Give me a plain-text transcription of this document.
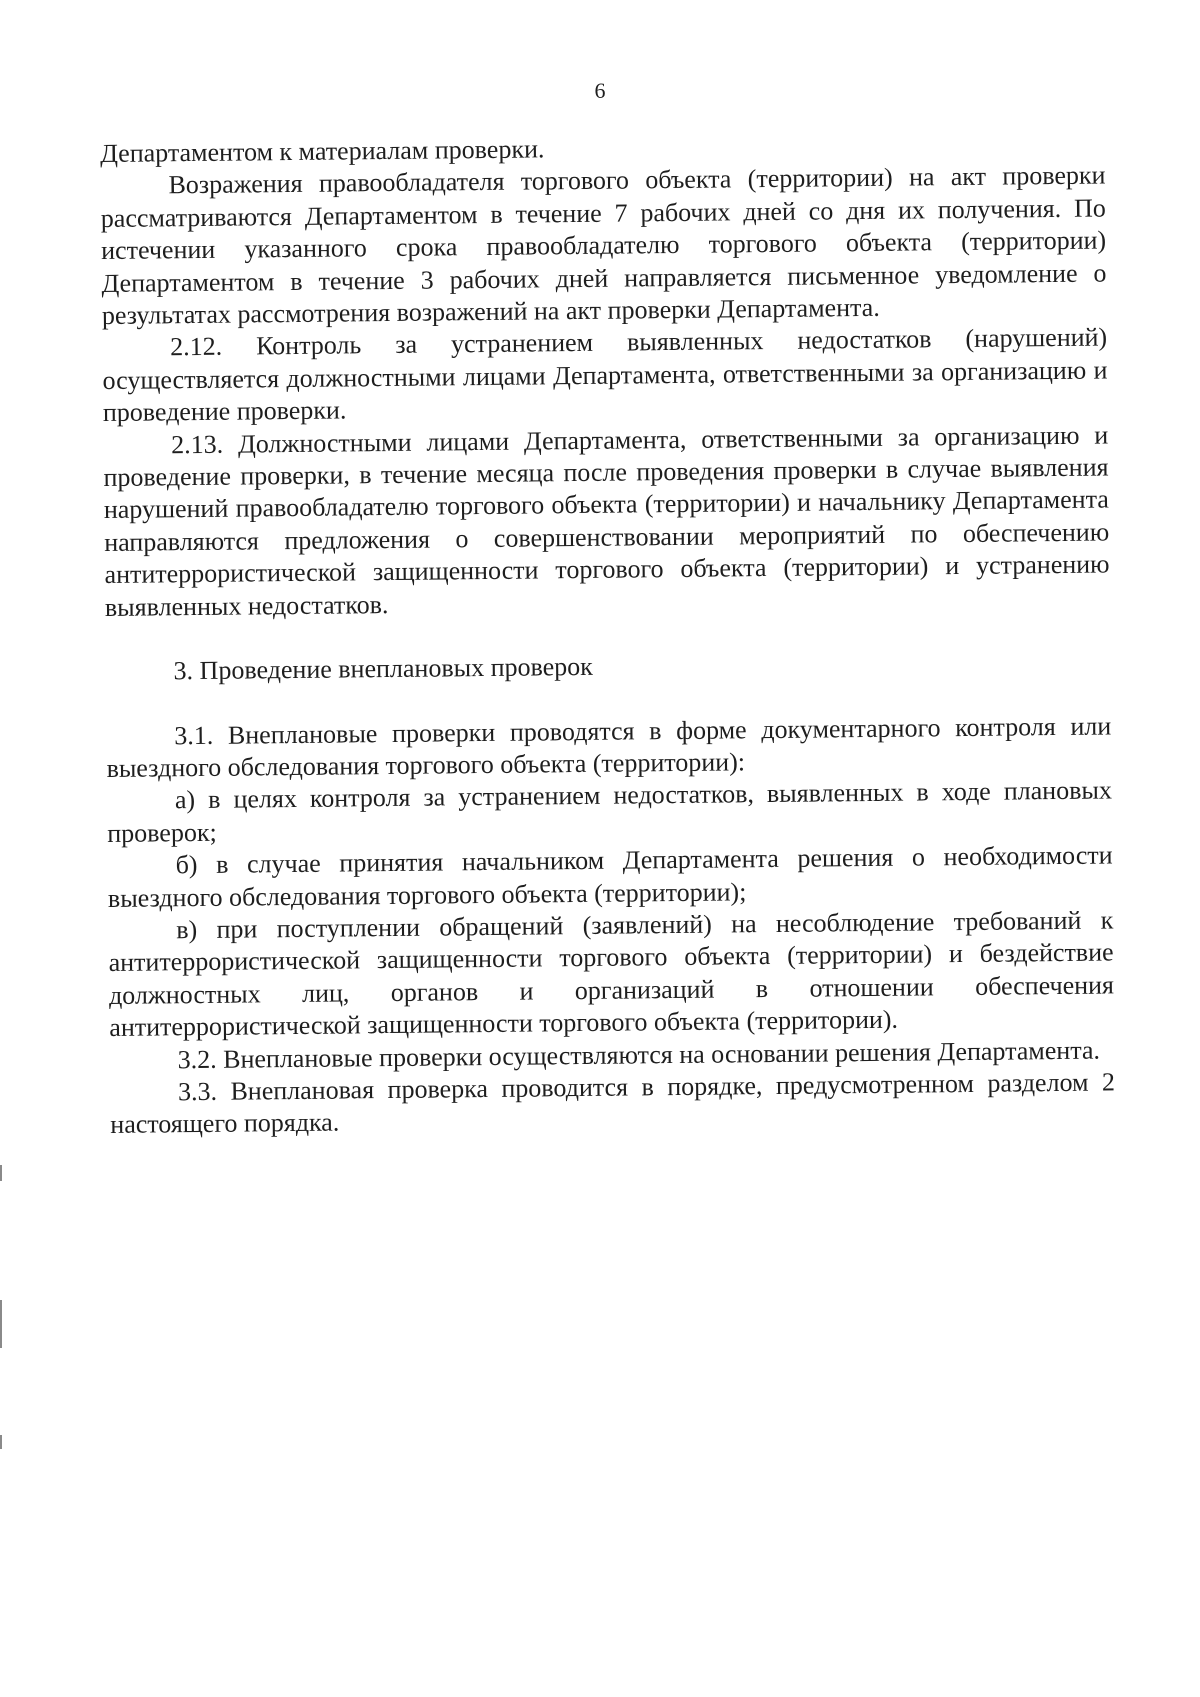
6

Департаментом к материалам проверки.

Возражения правообладателя торгового объекта (территории) на акт проверки рассматриваются Департаментом в течение 7 рабочих дней со дня их получения. По истечении указанного срока правообладателю торгового объекта (территории) Департаментом в течение 3 рабочих дней направляется письменное уведомление о результатах рассмотрения возражений на акт проверки Департамента.

2.12. Контроль за устранением выявленных недостатков (нарушений) осуществляется должностными лицами Департамента, ответственными за организацию и проведение проверки.

2.13. Должностными лицами Департамента, ответственными за организацию и проведение проверки, в течение месяца после проведения проверки в случае выявления нарушений правообладателю торгового объекта (территории) и начальнику Департамента направляются предложения о совершенствовании мероприятий по обеспечению антитеррористической защищенности торгового объекта (территории) и устранению выявленных недостатков.

3. Проведение внеплановых проверок

3.1. Внеплановые проверки проводятся в форме документарного контроля или выездного обследования торгового объекта (территории):

а) в целях контроля за устранением недостатков, выявленных в ходе плановых проверок;

б) в случае принятия начальником Департамента решения о необходимости выездного обследования торгового объекта (территории);

в) при поступлении обращений (заявлений) на несоблюдение требований к антитеррористической защищенности торгового объекта (территории) и бездействие должностных лиц, органов и организаций в отношении обеспечения антитеррористической защищенности торгового объекта (территории).

3.2. Внеплановые проверки осуществляются на основании решения Департамента.

3.3. Внеплановая проверка проводится в порядке, предусмотренном разделом 2 настоящего порядка.
